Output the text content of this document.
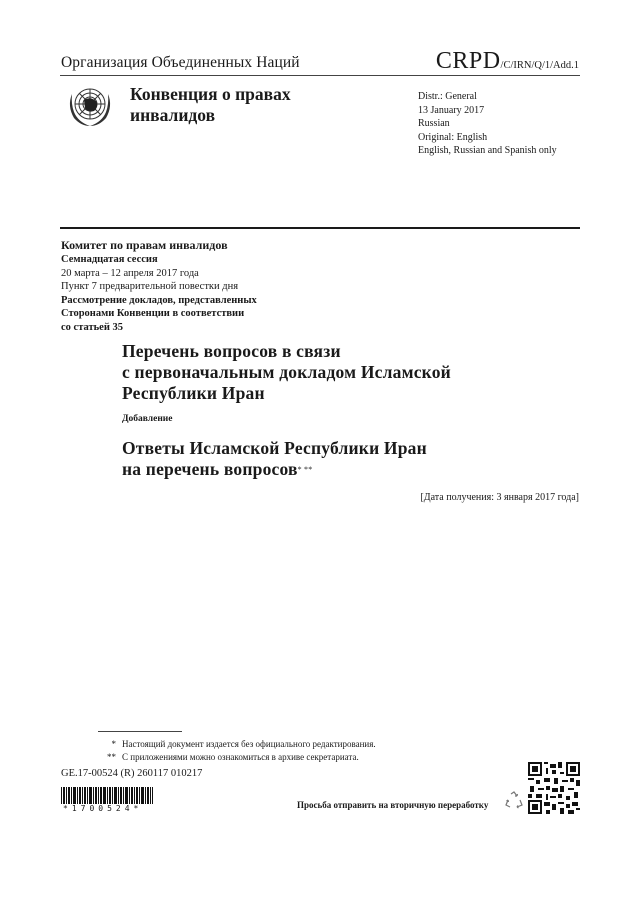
Организация Объединенных Наций	CRPD/C/IRN/Q/1/Add.1
Конвенция о правах
инвалидов
Distr.: General
13 January 2017
Russian
Original: English
English, Russian and Spanish only
Комитет по правам инвалидов
Семнадцатая сессия
20 марта – 12 апреля 2017 года
Пункт 7 предварительной повестки дня
Рассмотрение докладов, представленных
Сторонами Конвенции в соответствии
со статьей 35
Перечень вопросов в связи
с первоначальным докладом Исламской
Республики Иран
Добавление
Ответы Исламской Республики Иран
на перечень вопросов* **
[Дата получения: 3 января 2017 года]
* Настоящий документ издается без официального редактирования.
** С приложениями можно ознакомиться в архиве секретариата.
GE.17-00524 (R) 260117 010217
*1700524*	Просьба отправить на вторичную переработку
